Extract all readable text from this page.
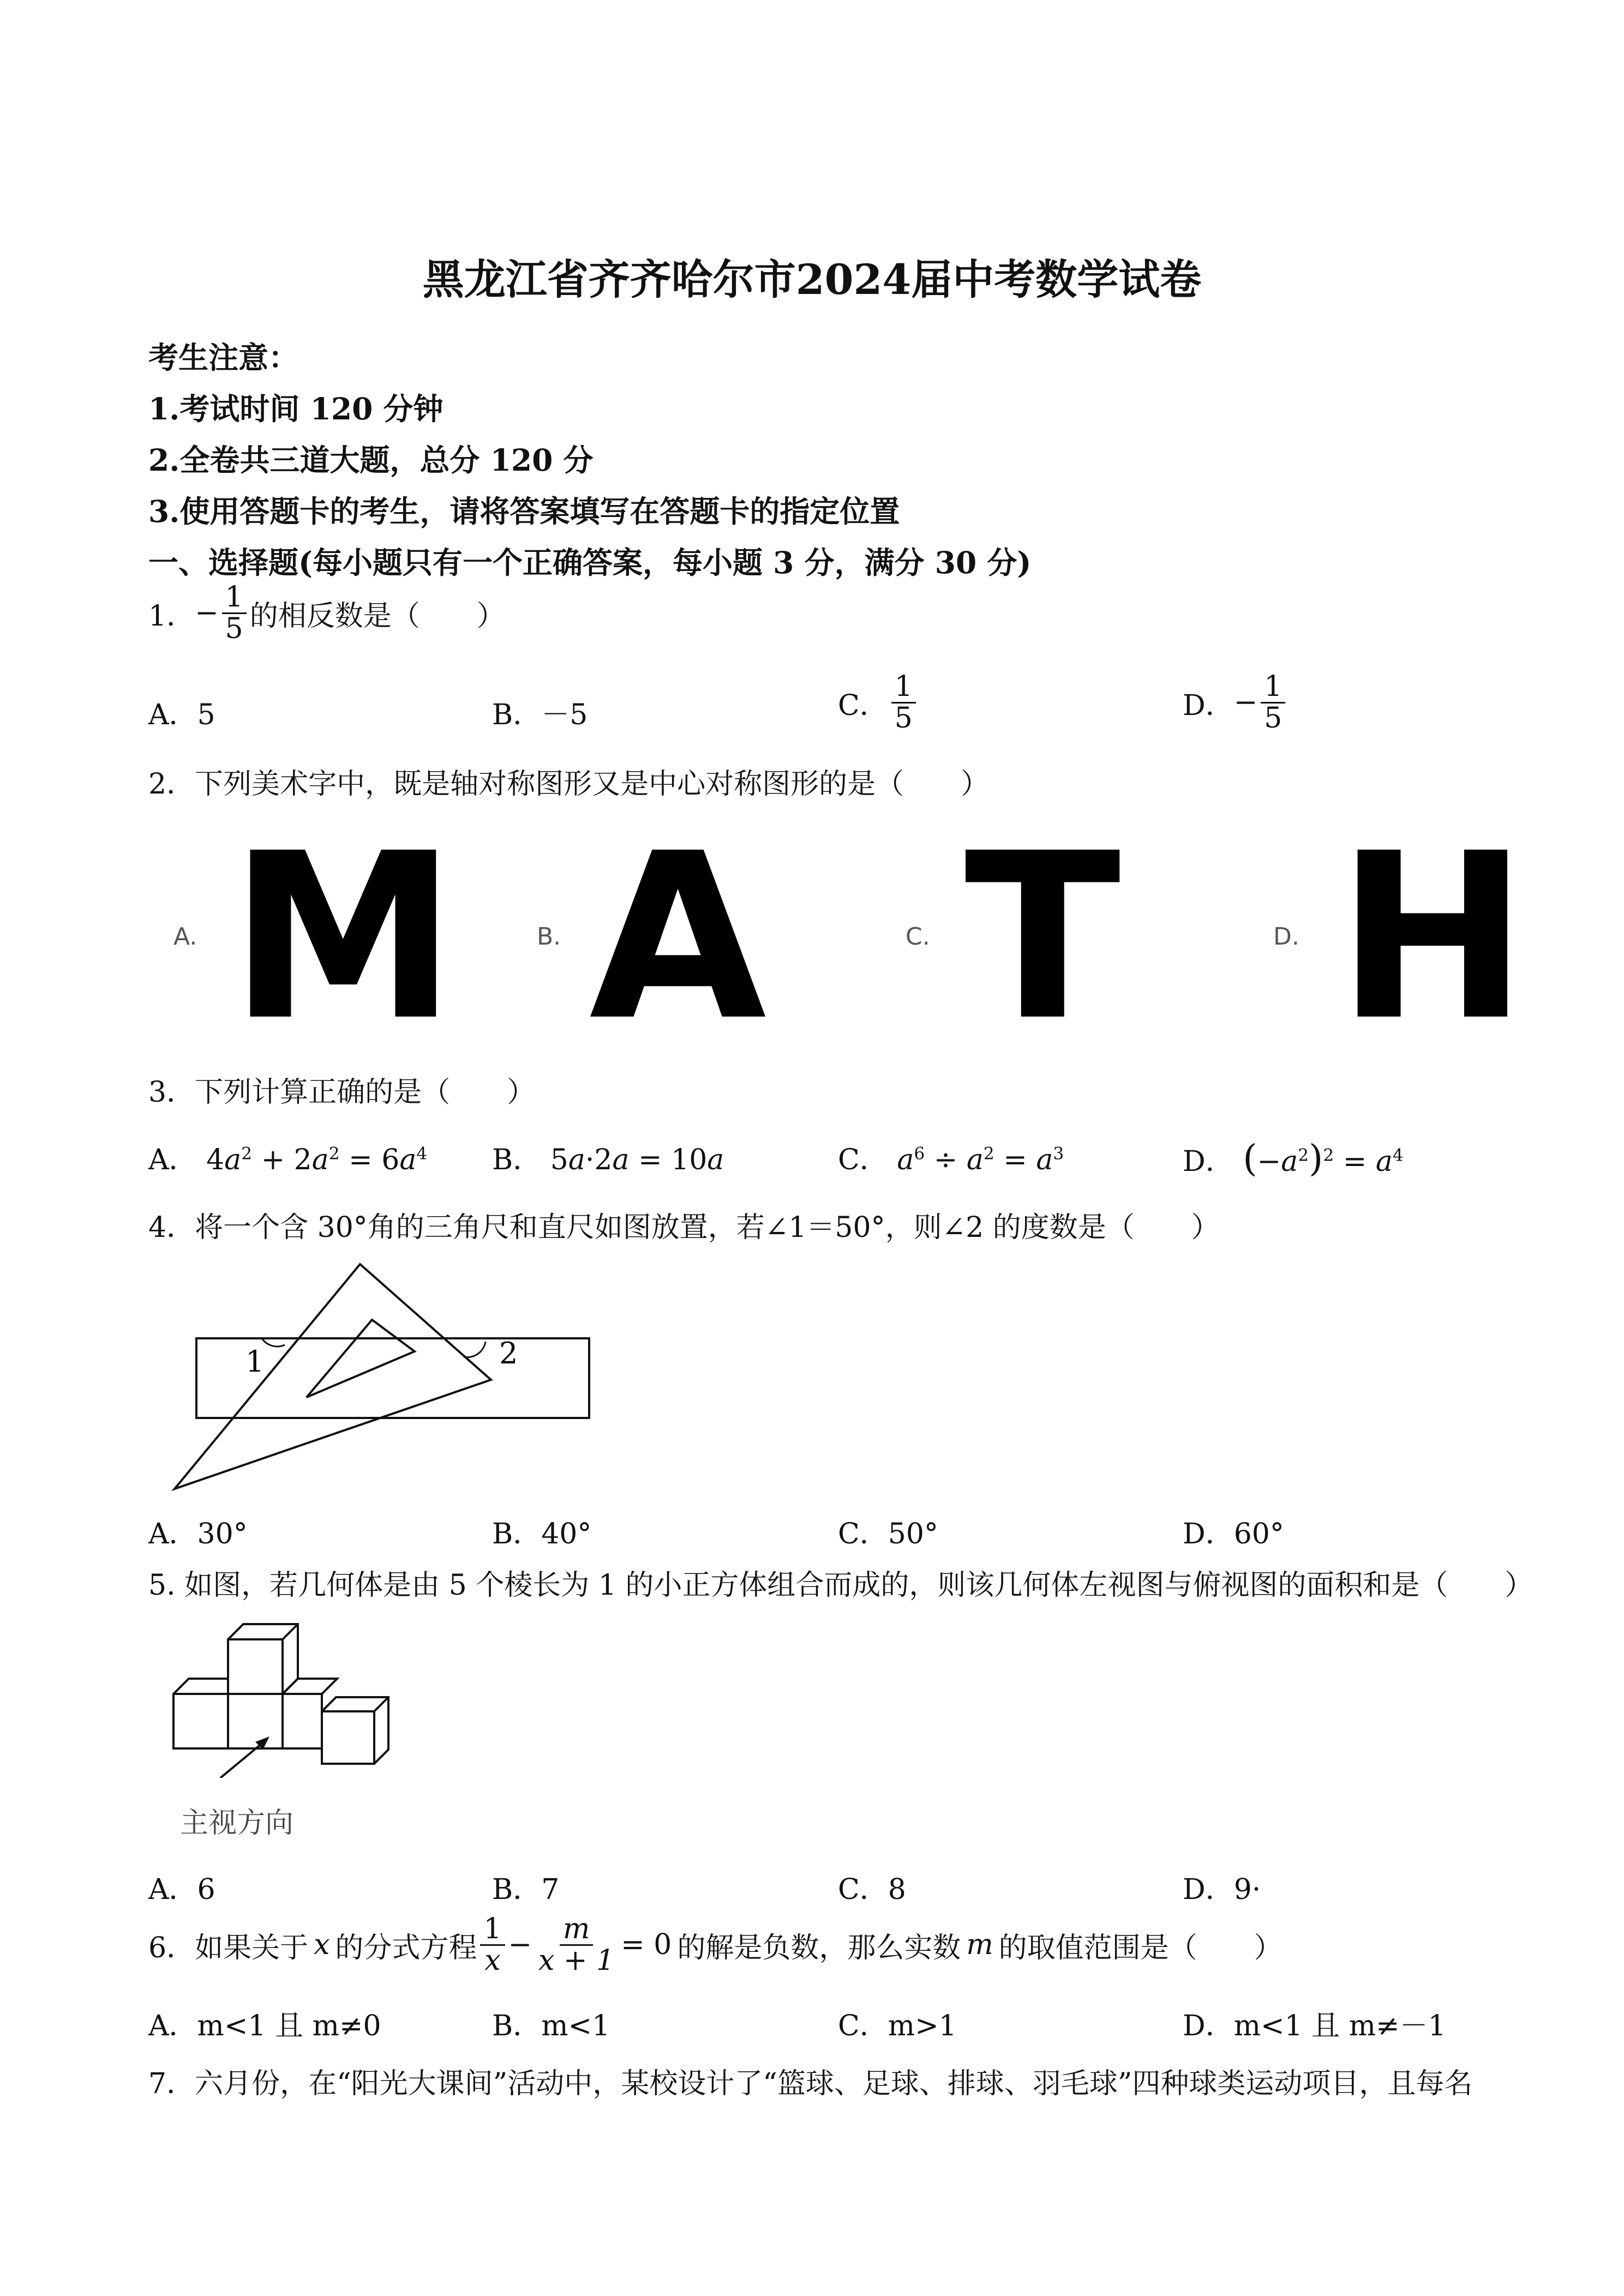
黑龙江省齐齐哈尔市2024届中考数学试卷
考生注意：
1.考试时间 120 分钟
2.全卷共三道大题，总分 120 分
3.使用答题卡的考生，请将答案填写在答题卡的指定位置
一、选择题(每小题只有一个正确答案，每小题 3 分，满分 30 分)
1． − $\frac{1}{5}$ 的相反数是（　　）
A．5	B．－5	C． $\frac{1}{5}$	D． − $\frac{1}{5}$
2．下列美术字中，既是轴对称图形又是中心对称图形的是（　　）
A. M	B. A	C. T	D. H
3．下列计算正确的是（　　）
A． $4a^2 + 2a^2 = 6a^4$ B． 5a·2a = 10a	C． $a^6 \div a^2 = a^3$	D． $(-a^2)^2 = a^4$
4．将一个含 30°角的三角尺和直尺如图放置，若∠1＝50°，则∠2 的度数是（　　）
1	2
A．30°	B．40°	C．50°	D．60°
5. 如图，若几何体是由 5 个棱长为 1 的小正方体组合而成的，则该几何体左视图与俯视图的面积和是（　　）
主视方向
A．6	B．7	C．8	D．9·
6．如果关于 x 的分式方程 $\frac{1}{x} - \frac{m}{x + 1} = 0$ 的解是负数，那么实数 m 的取值范围是（　　）
A．m<1 且 m≠0	B．m<1	C．m>1	D．m<1 且 m≠－1
7．六月份，在“阳光大课间”活动中，某校设计了“篮球、足球、排球、羽毛球”四种球类运动项目，且每名
